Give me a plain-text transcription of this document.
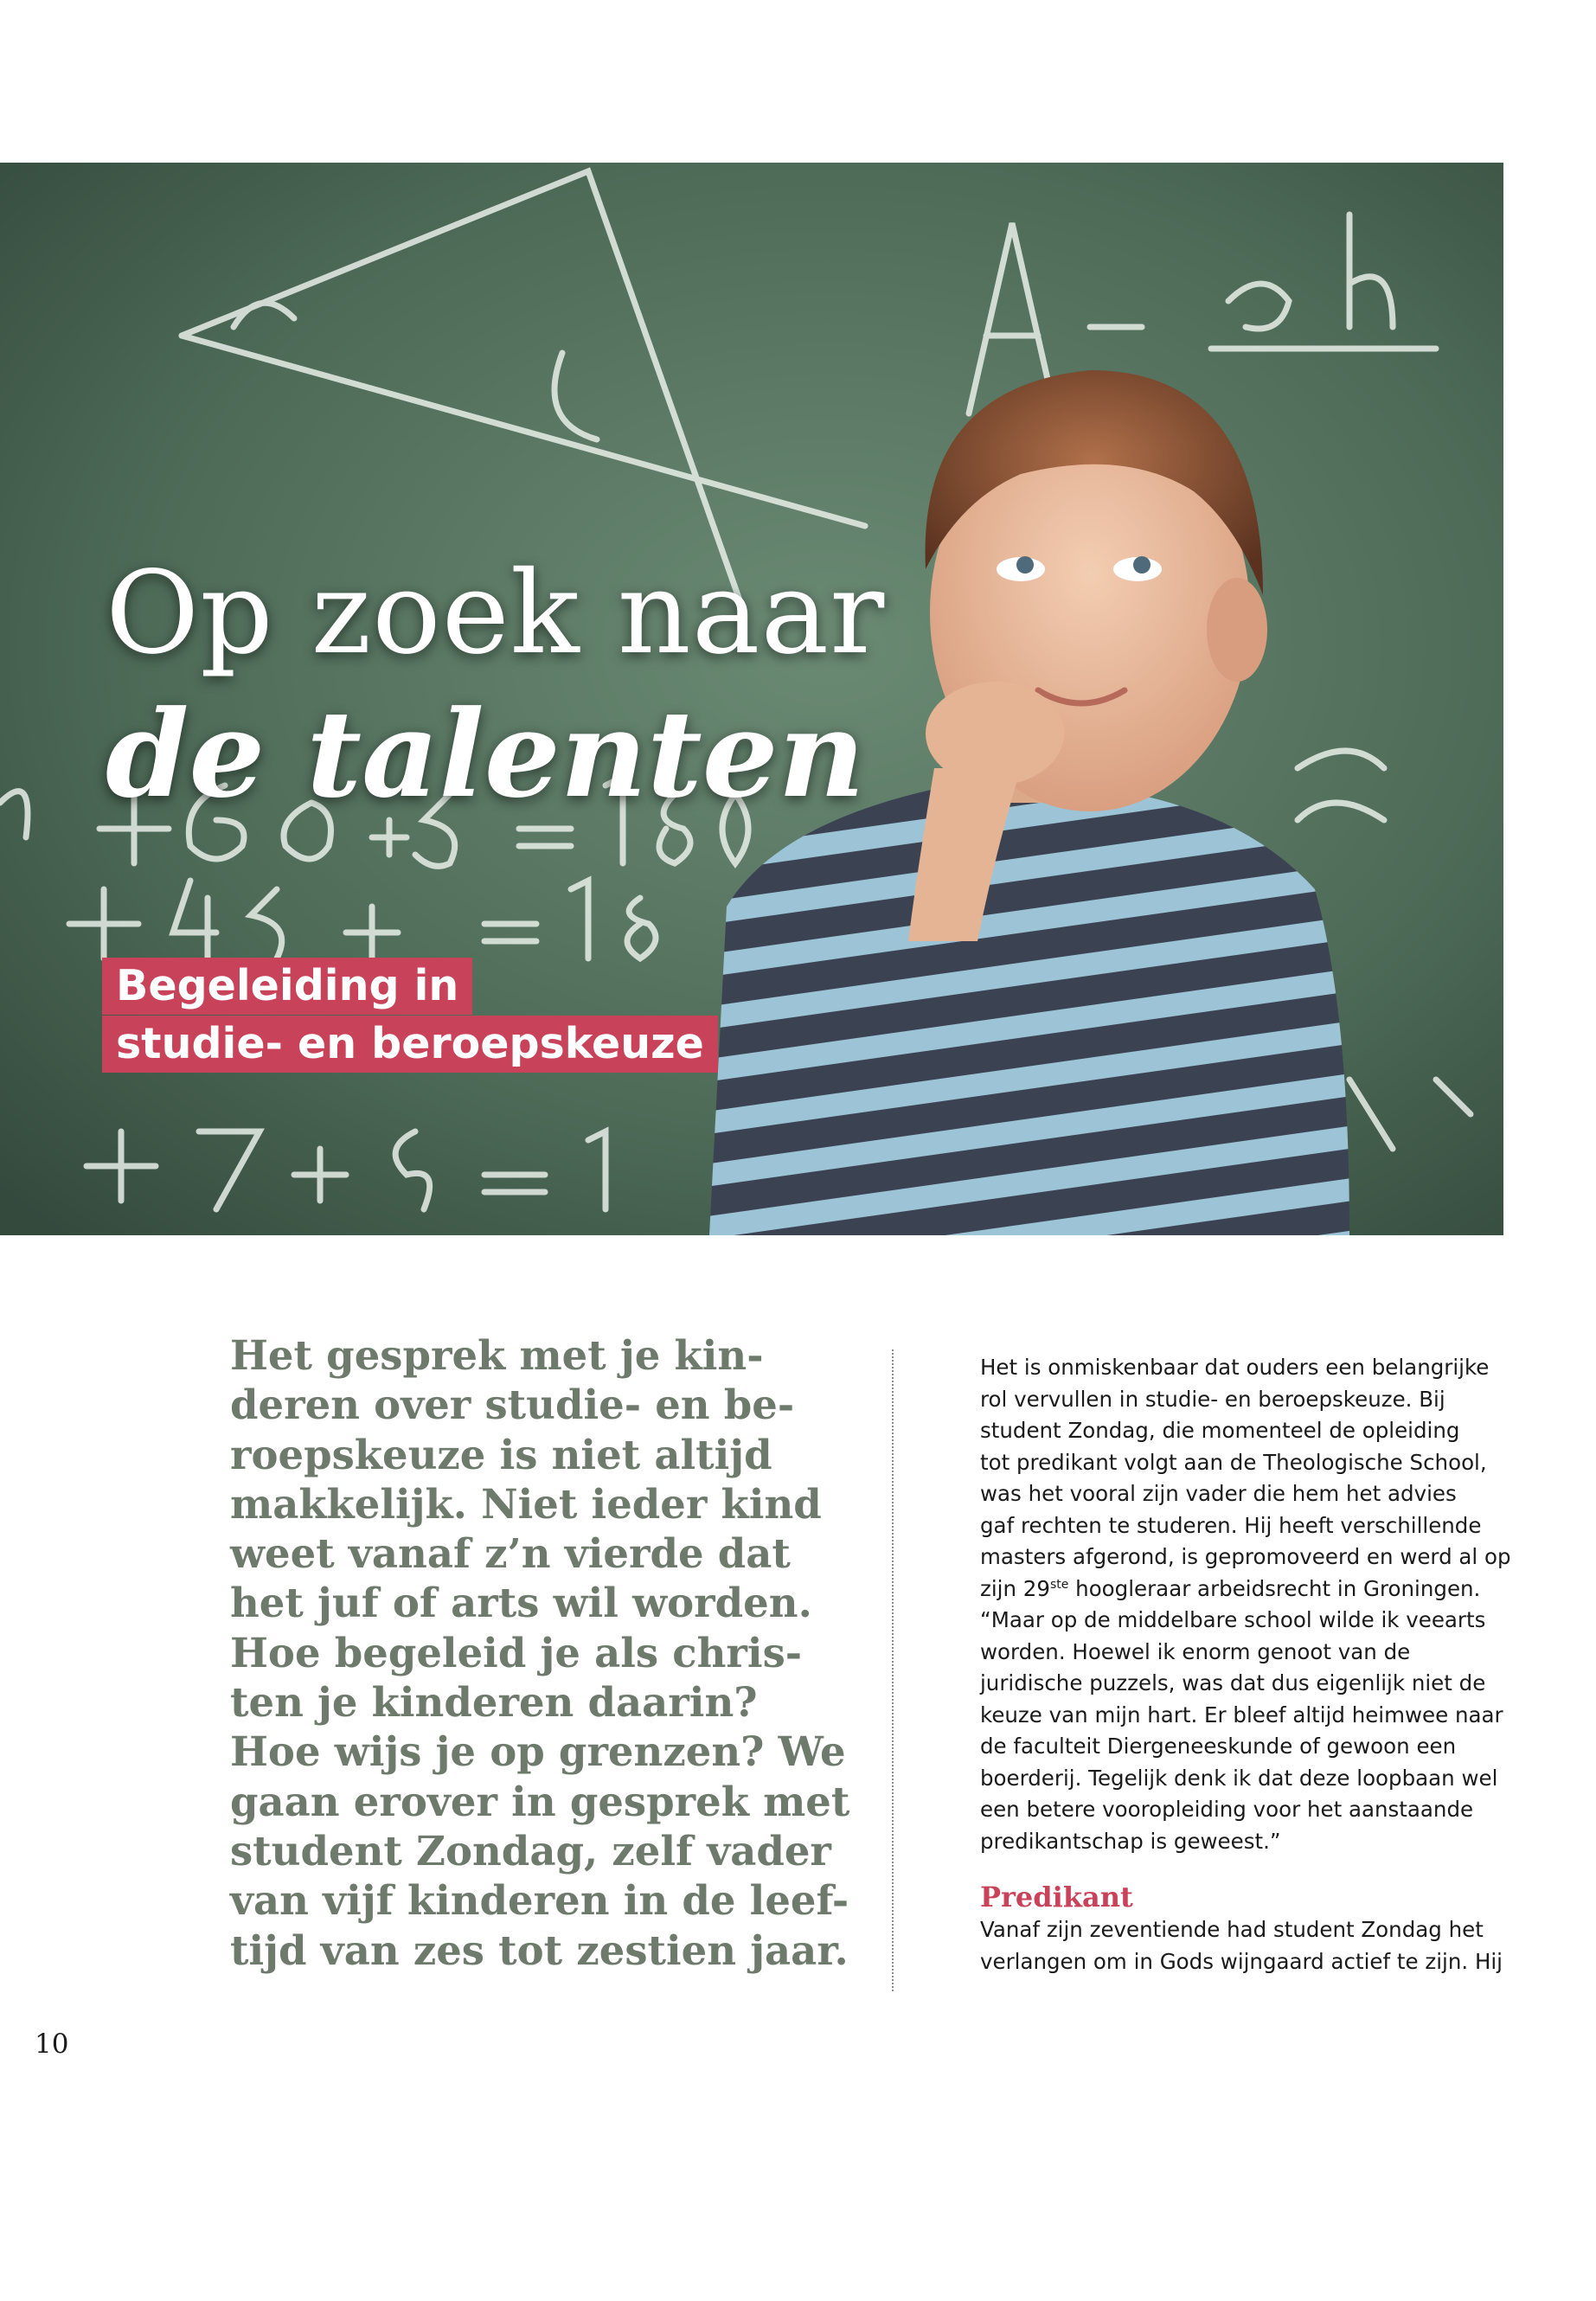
Op zoek naar
de talenten
Begeleiding in
studie- en beroepskeuze
Het gesprek met je kin-
deren over studie- en be-
roepskeuze is niet altijd
makkelijk. Niet ieder kind
weet vanaf z’n vierde dat
het juf of arts wil worden.
Hoe begeleid je als chris-
ten je kinderen daarin?
Hoe wijs je op grenzen? We
gaan erover in gesprek met
student Zondag, zelf vader
van vijf kinderen in de leef-
tijd van zes tot zestien jaar.
Het is onmiskenbaar dat ouders een belangrijke
rol vervullen in studie- en beroepskeuze. Bij
student Zondag, die momenteel de opleiding
tot predikant volgt aan de Theologische School,
was het vooral zijn vader die hem het advies
gaf rechten te studeren. Hij heeft verschillende
masters afgerond, is gepromoveerd en werd al op
zijn 29ste hoogleraar arbeidsrecht in Groningen.
“Maar op de middelbare school wilde ik veearts
worden. Hoewel ik enorm genoot van de
juridische puzzels, was dat dus eigenlijk niet de
keuze van mijn hart. Er bleef altijd heimwee naar
de faculteit Diergeneeskunde of gewoon een
boerderij. Tegelijk denk ik dat deze loopbaan wel
een betere vooropleiding voor het aanstaande
predikantschap is geweest.”
Predikant
Vanaf zijn zeventiende had student Zondag het
verlangen om in Gods wijngaard actief te zijn. Hij
10
